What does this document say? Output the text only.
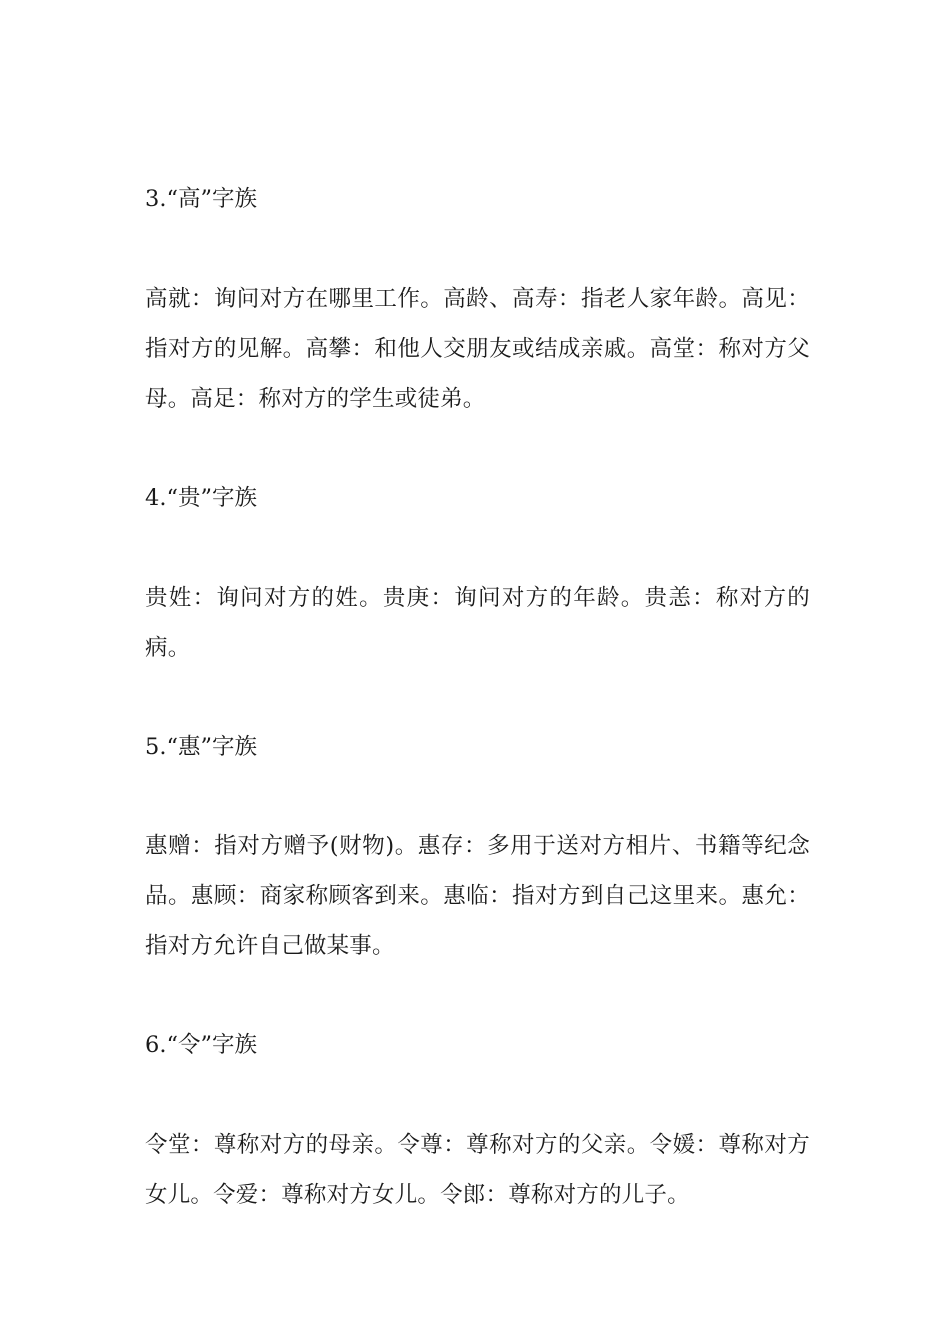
3.“高”字族
高就：询问对方在哪里工作。高龄、高寿：指老人家年龄。高见：指对方的见解。高攀：和他人交朋友或结成亲戚。高堂：称对方父母。高足：称对方的学生或徒弟。
4.“贵”字族
贵姓：询问对方的姓。贵庚：询问对方的年龄。贵恙：称对方的病。
5.“惠”字族
惠赠：指对方赠予(财物)。惠存：多用于送对方相片、书籍等纪念品。惠顾：商家称顾客到来。惠临：指对方到自己这里来。惠允：指对方允许自己做某事。
6.“令”字族
令堂：尊称对方的母亲。令尊：尊称对方的父亲。令媛：尊称对方女儿。令爱：尊称对方女儿。令郎：尊称对方的儿子。
